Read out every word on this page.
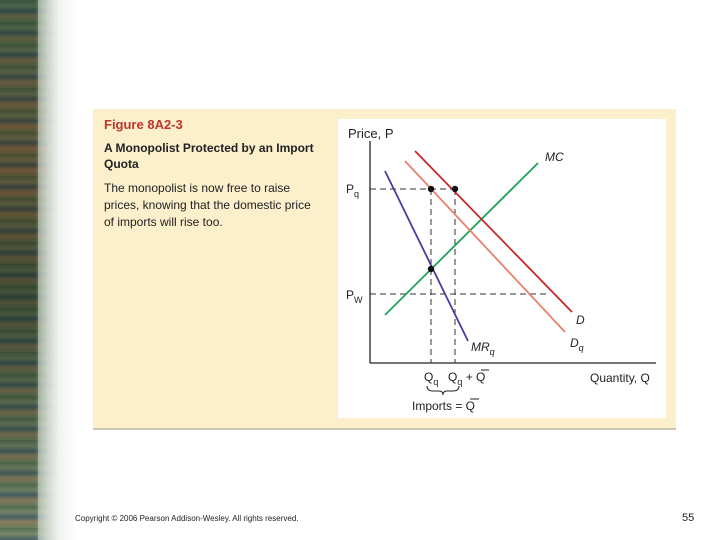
Figure 8A2-3
A Monopolist Protected by an Import Quota
The monopolist is now free to raise prices, knowing that the domestic price of imports will rise too.
Price, P
Quantity, Q
$P_q$
$P_W$
MC
D
$D_q$
$MR_q$
$Q_q$ $Q_q + Q$
Imports = Q
Copyright © 2006 Pearson Addison-Wesley. All rights reserved.	55
